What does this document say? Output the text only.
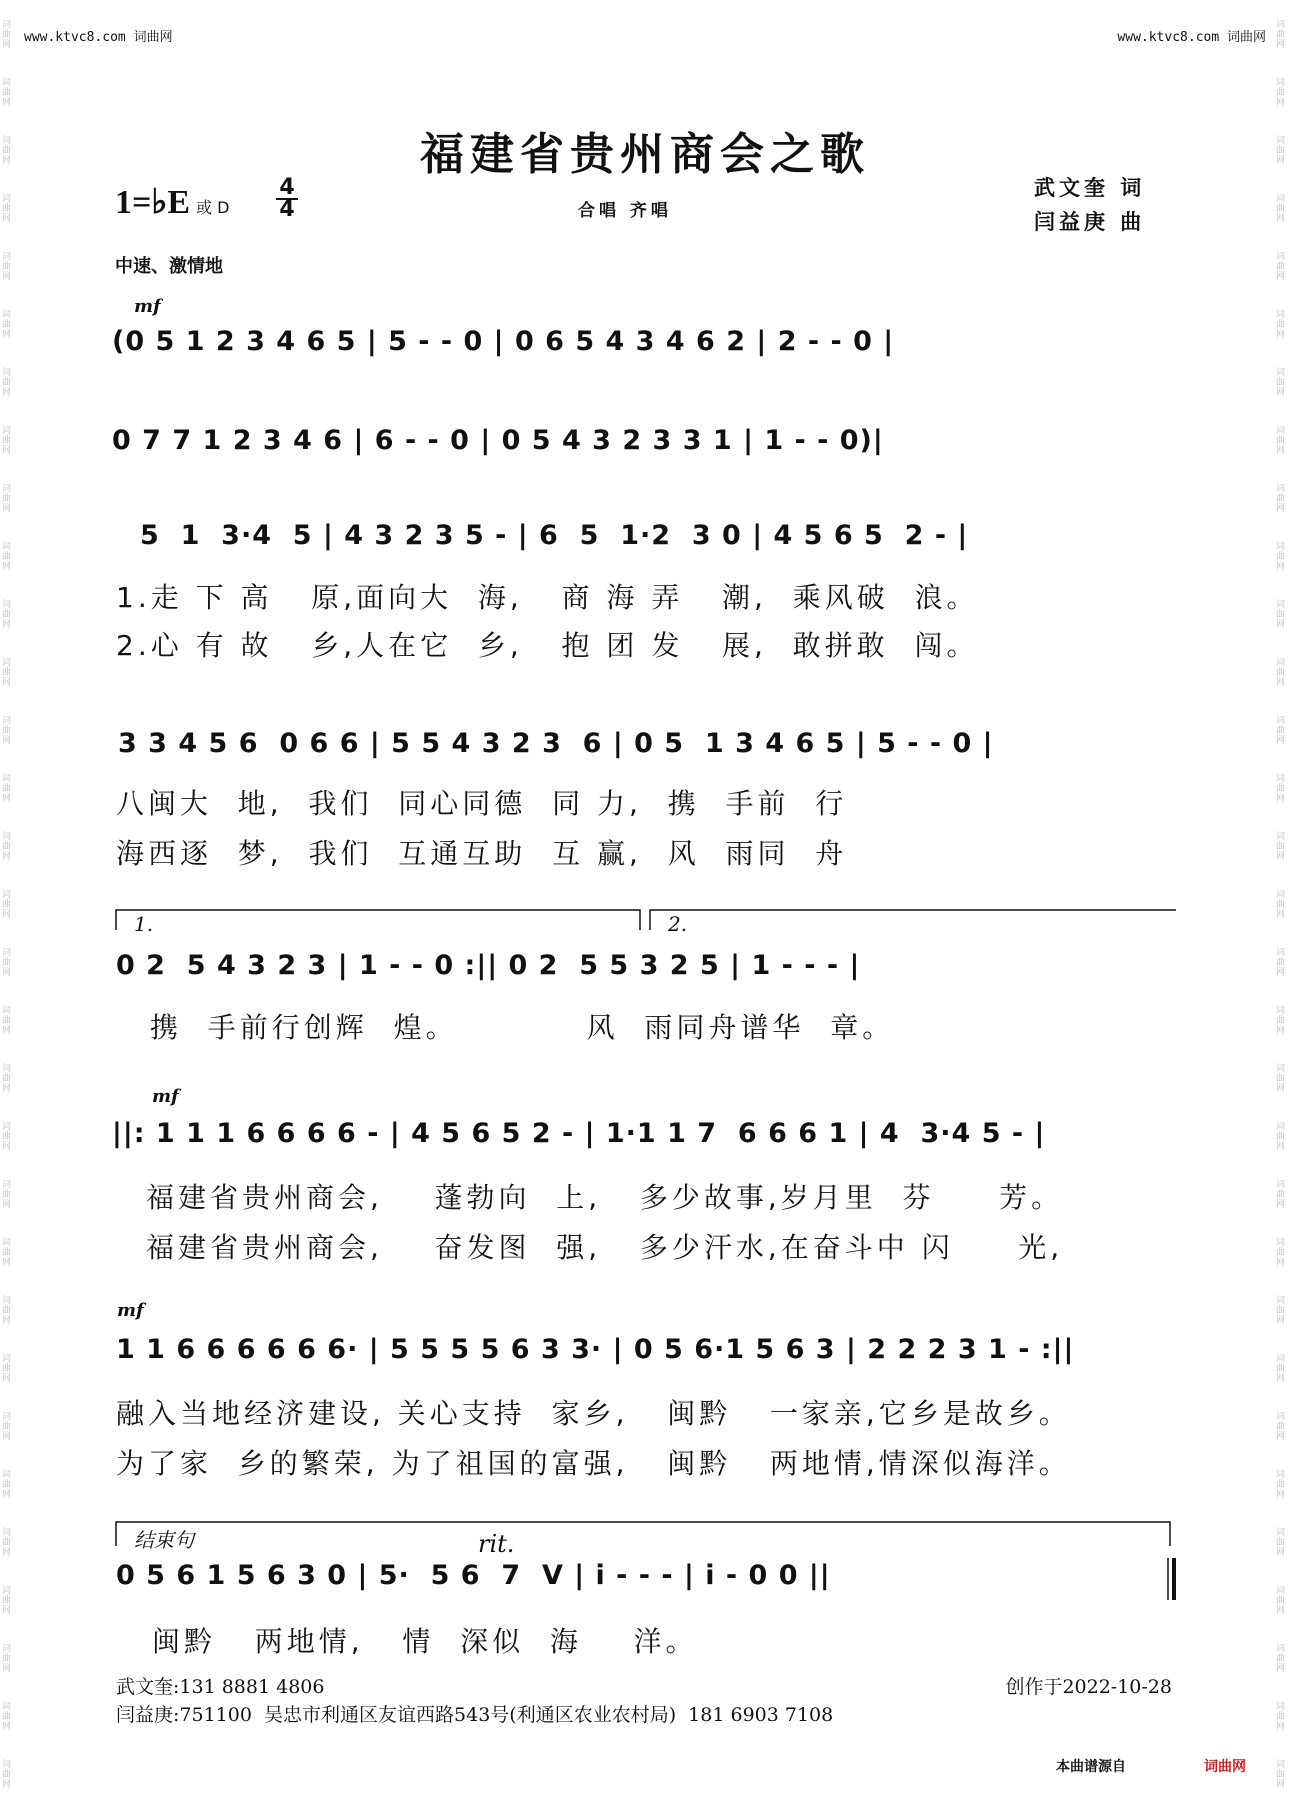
词曲网
词曲网
词曲网
词曲网
词曲网
词曲网
词曲网
词曲网
词曲网
词曲网
词曲网
词曲网
词曲网
词曲网
词曲网
词曲网
词曲网
词曲网
词曲网
词曲网
词曲网
词曲网
词曲网
词曲网
词曲网
词曲网
词曲网
词曲网
词曲网
词曲网
词曲网
词曲网
词曲网
词曲网
词曲网
词曲网
词曲网
词曲网
词曲网
词曲网
词曲网
词曲网
词曲网
词曲网
词曲网
词曲网
词曲网
词曲网
词曲网
词曲网
词曲网
词曲网
词曲网
词曲网
词曲网
词曲网
词曲网
词曲网
词曲网
词曲网
词曲网
词曲网
www.ktvc8.com 词曲网	www.ktvc8.com 词曲网
福建省贵州商会之歌
1=♭E 或 D
4
4	合唱 齐唱
武文奎 词
闫益庚 曲
中速、激情地
mf
mf
mf
(0 5 1 2 3 4 6 5 | 5 - - 0 | 0 6 5 4 3 4 6 2 | 2 - - 0 |
0 7 7 1 2 3 4 6 | 6 - - 0 | 0 5 4 3 2 3 3 1 | 1 - - 0)|
5  1  3·4  5 | 4 3 2 3 5 - | 6  5  1·2  3 0 | 4 5 6 5  2 - |
1.走 下 高   原,面向大  海,   商 海 弄   潮,  乘风破  浪。
2.心 有 故   乡,人在它  乡,   抱 团 发   展,  敢拼敢  闯。
3 3 4 5 6  0 6 6 | 5 5 4 3 2 3  6 | 0 5  1 3 4 6 5 | 5 - - 0 |
八闽大  地,  我们  同心同德  同 力,  携  手前  行
海西逐  梦,  我们  互通互助  互 赢,  风  雨同  舟
1.	2.
0 2  5 4 3 2 3 | 1 - - 0 :|| 0 2  5 5 3 2 5 | 1 - - - |
携  手前行创辉  煌。          风  雨同舟谱华  章。
||: 1 1 1 6 6 6 6 - | 4 5 6 5 2 - | 1·1 1 7  6 6 6 1 | 4  3·4 5 - |
福建省贵州商会,    蓬勃向  上,   多少故事,岁月里  芬     芳。
福建省贵州商会,    奋发图  强,   多少汗水,在奋斗中 闪     光,
1 1 6 6 6 6 6 6· | 5 5 5 5 6 3 3· | 0 5 6·1 5 6 3 | 2 2 2 3 1 - :||
融入当地经济建设, 关心支持  家乡,   闽黔   一家亲,它乡是故乡。
为了家  乡的繁荣, 为了祖国的富强,   闽黔   两地情,情深似海洋。
结束句	rit.
0 5 6 1 5 6 3 0 | 5·  5 6  7  V | i - - - | i - 0 0 ||
闽黔   两地情,   情  深似  海    洋。
武文奎:131 8881 4806	创作于2022-10-28
闫益庚:751100  吴忠市利通区友谊西路543号(利通区农业农村局)  181 6903 7108
本曲谱源自	词曲网
